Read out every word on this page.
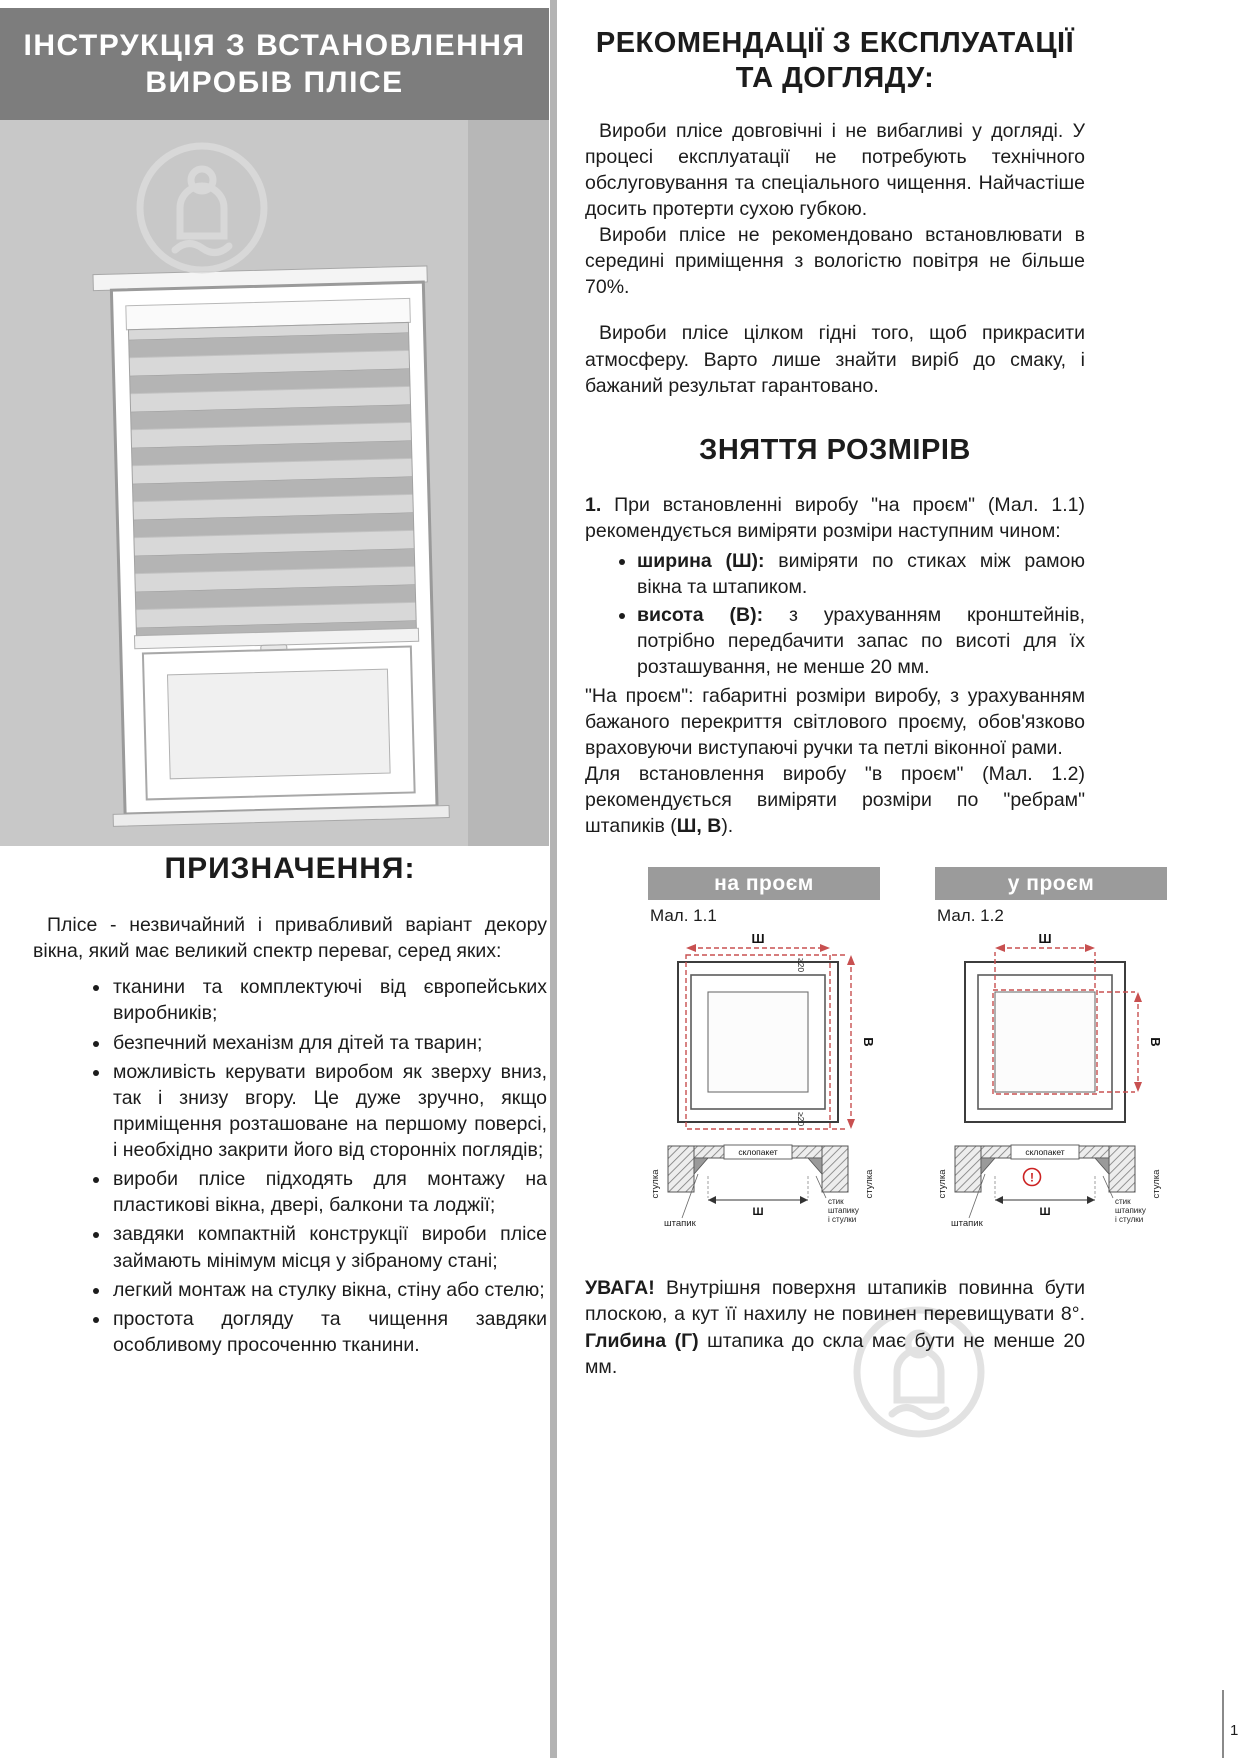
ІНСТРУКЦІЯ З ВСТАНОВЛЕННЯ
ВИРОБІВ ПЛІСЕ
ПРИЗНАЧЕННЯ:

Плісе - незвичайний і привабливий варіант декору вікна, який має великий спектр переваг, серед яких:

• тканини та комплектуючі від європейських виробників;
• безпечний механізм для дітей та тварин;
• можливість керувати виробом як зверху вниз, так і знизу вгору. Це дуже зручно, якщо приміщення розташоване на першому поверсі, і необхідно закрити його від сторонніх поглядів;
• вироби плісе підходять для монтажу на пластикові вікна, двері, балкони та лоджії;
• завдяки компактній конструкції вироби плісе займають мінімум місця у зібраному стані;
• легкий монтаж на стулку вікна, стіну або стелю;
• простота догляду та чищення завдяки особливому просоченню тканини.
РЕКОМЕНДАЦІЇ З ЕКСПЛУАТАЦІЇ
ТА ДОГЛЯДУ:

Вироби плісе довговічні і не вибагливі у догляді. У процесі експлуатації не потребують технічного обслуговування та спеціального чищення. Найчастіше досить протерти сухою губкою.

Вироби плісе не рекомендовано встановлювати в середині приміщення з вологістю повітря не більше 70%.

Вироби плісе цілком гідні того, щоб прикрасити атмосферу. Варто лише знайти виріб до смаку, і бажаний результат гарантовано.

ЗНЯТТЯ РОЗМІРІВ

1. При встановленні виробу "на проєм" (Мал. 1.1) рекомендується виміряти розміри наступним чином:

• ширина (Ш): виміряти по стиках між рамою вікна та штапиком.
• висота (В): з урахуванням кронштейнів, потрібно передбачити запас по висоті для їх розташування, не менше 20 мм.

"На проєм": габаритні розміри виробу, з урахуванням бажаного перекриття світлового проєму, обов'язково враховуючи виступаючі ручки та петлі віконної рами.

Для встановлення виробу "в проєм" (Мал. 1.2) рекомендується виміряти розміри по "ребрам" штапиків (Ш, В).

на проєм
Мал. 1.1
Ш
В
≥20
≥20
стулка	стулка
склопакет
Ш
штапик
стик
штапику
і стулки
у проєм
Мал. 1.2
Ш
В
стулка	стулка
склопакет
!
Ш
штапик
стик
штапику
і стулки

УВАГА! Внутрішня поверхня штапиків повинна бути плоскою, а кут її нахилу не повинен перевищувати 8°. Глибина (Г) штапика до скла має бути не менше 20 мм.

1
